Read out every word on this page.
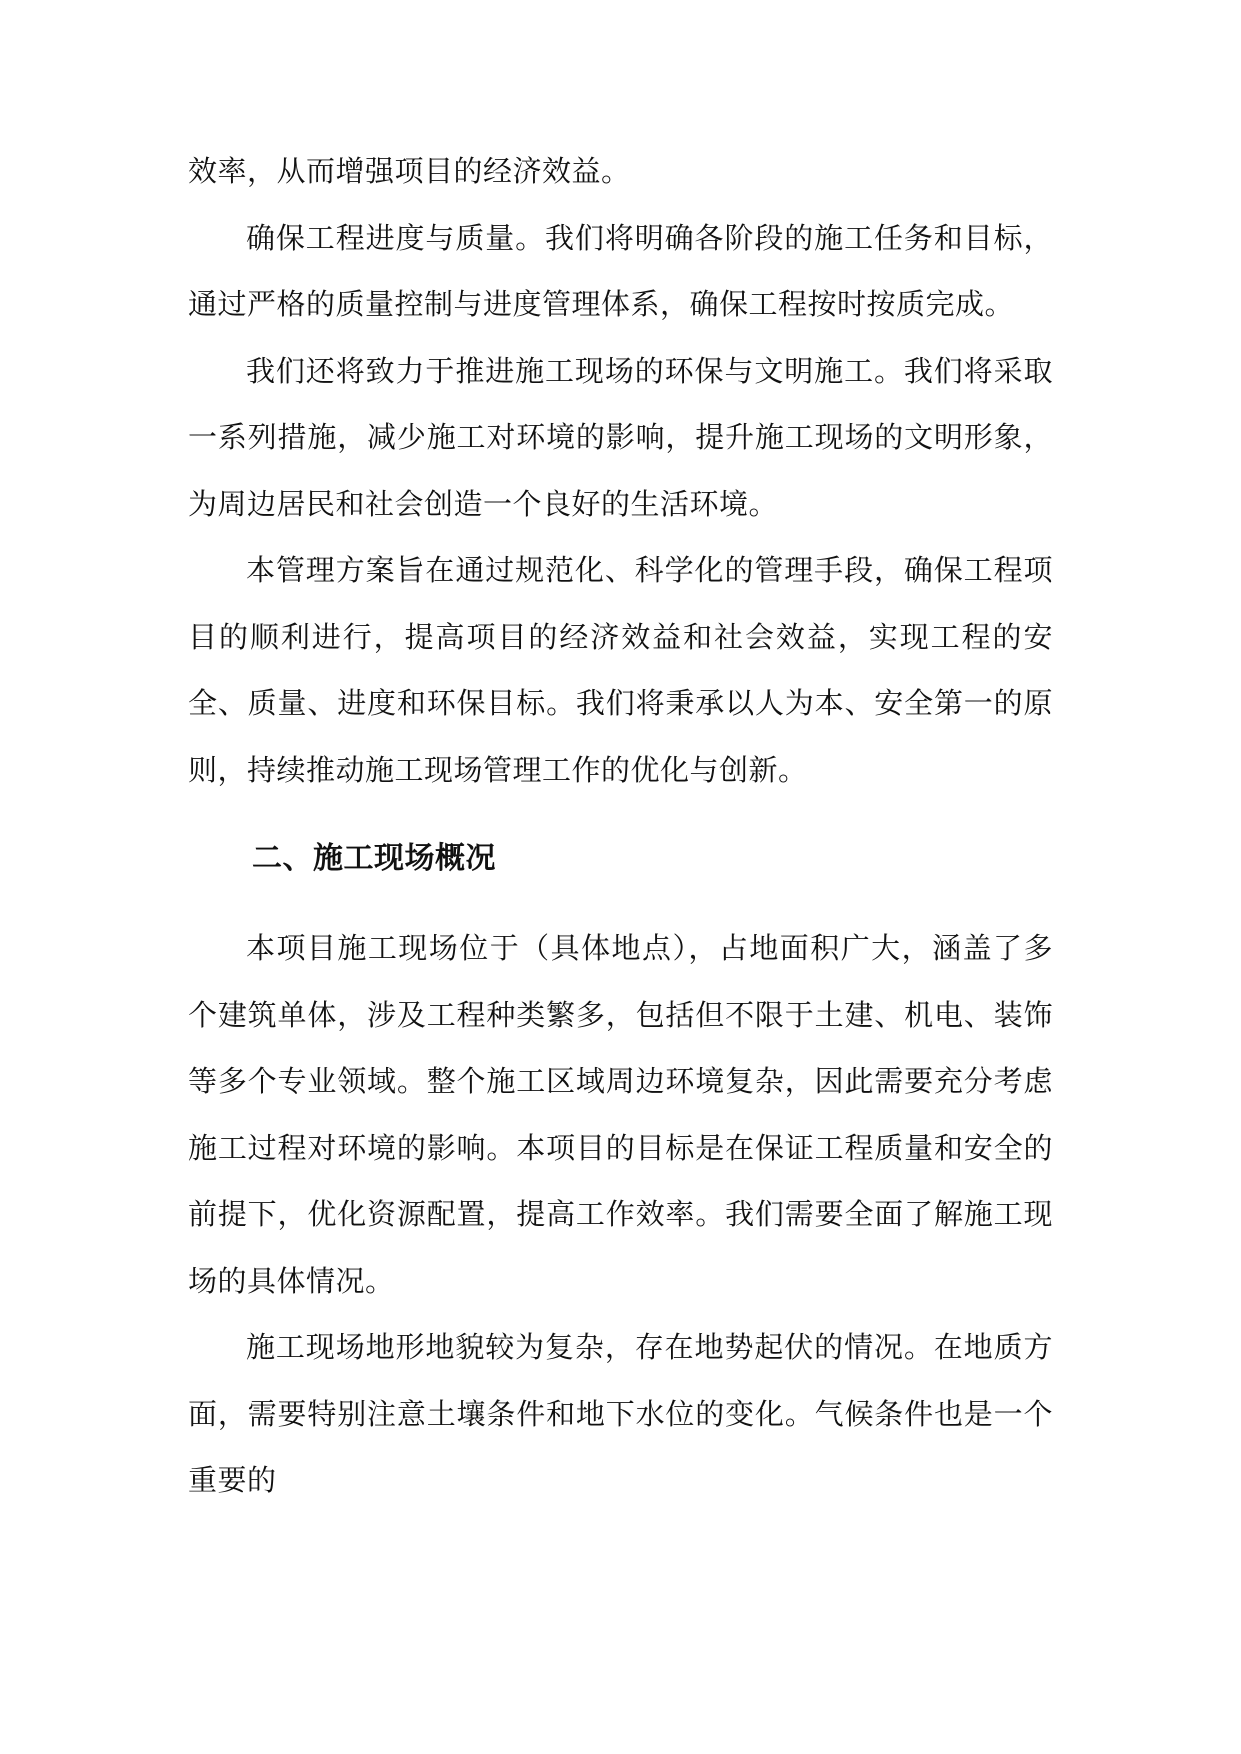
效率，从而增强项目的经济效益。

确保工程进度与质量。我们将明确各阶段的施工任务和目标，通过严格的质量控制与进度管理体系，确保工程按时按质完成。

我们还将致力于推进施工现场的环保与文明施工。我们将采取一系列措施，减少施工对环境的影响，提升施工现场的文明形象，为周边居民和社会创造一个良好的生活环境。

本管理方案旨在通过规范化、科学化的管理手段，确保工程项目的顺利进行，提高项目的经济效益和社会效益，实现工程的安全、质量、进度和环保目标。我们将秉承以人为本、安全第一的原则，持续推动施工现场管理工作的优化与创新。

二、施工现场概况

本项目施工现场位于（具体地点），占地面积广大，涵盖了多个建筑单体，涉及工程种类繁多，包括但不限于土建、机电、装饰等多个专业领域。整个施工区域周边环境复杂，因此需要充分考虑施工过程对环境的影响。本项目的目标是在保证工程质量和安全的前提下，优化资源配置，提高工作效率。我们需要全面了解施工现场的具体情况。

施工现场地形地貌较为复杂，存在地势起伏的情况。在地质方面，需要特别注意土壤条件和地下水位的变化。气候条件也是一个重要的
